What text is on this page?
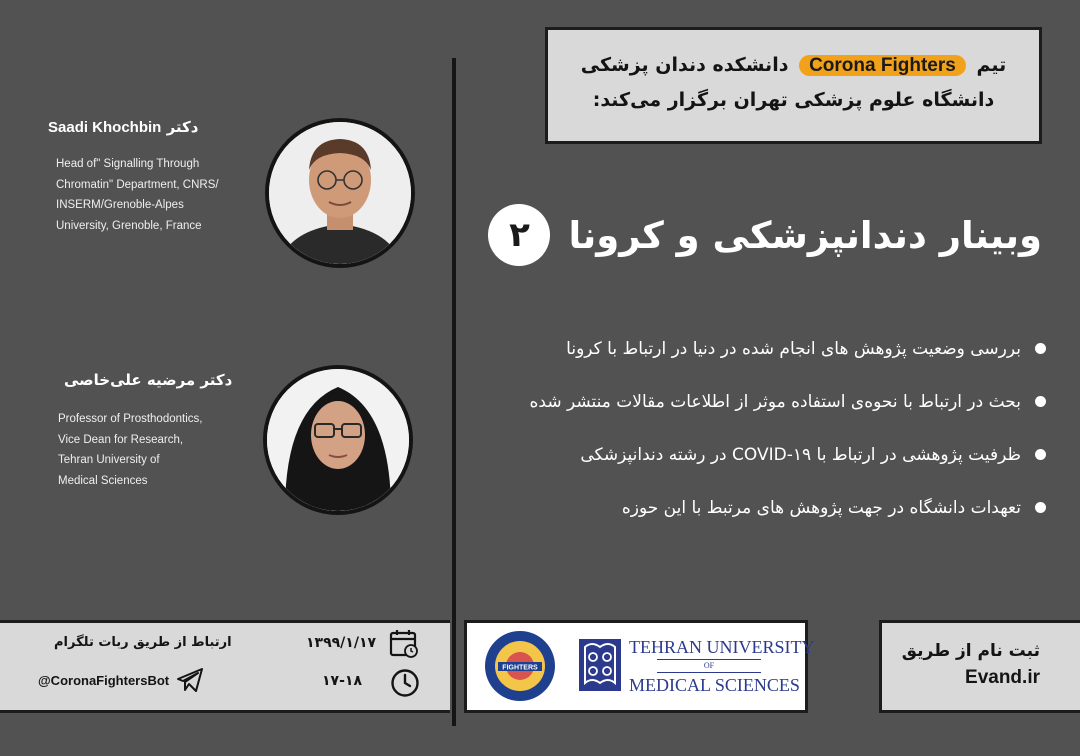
تیم Corona Fighters دانشکده دندان پزشکی
دانشگاه علوم پزشکی تهران برگزار می‌کند:
وبینار دندانپزشکی و کرونا
۲
بررسی وضعیت پژوهش های انجام شده در دنیا در ارتباط با کرونا
بحث در ارتباط با نحوه‌ی استفاده موثر از اطلاعات مقالات منتشر شده
ظرفیت پژوهشی در ارتباط با COVID-۱۹ در رشته دندانپزشکی
تعهدات دانشگاه در جهت پژوهش های مرتبط با این حوزه
دکتر Saadi Khochbin
Head of" Signalling Through
Chromatin" Department, CNRS/
INSERM/Grenoble-Alpes
University, Grenoble, France
دکتر مرضیه علی‌خاصی
Professor of Prosthodontics,
Vice Dean for Research,
Tehran University of
Medical Sciences
ارتباط از طریق ربات تلگرام
@CoronaFightersBot
۱۳۹۹/۱/۱۷
۱۷-۱۸
FIGHTERS
TEHRAN UNIVERSITY
OF
MEDICAL SCIENCES
ثبت نام از طریق
Evand.ir
